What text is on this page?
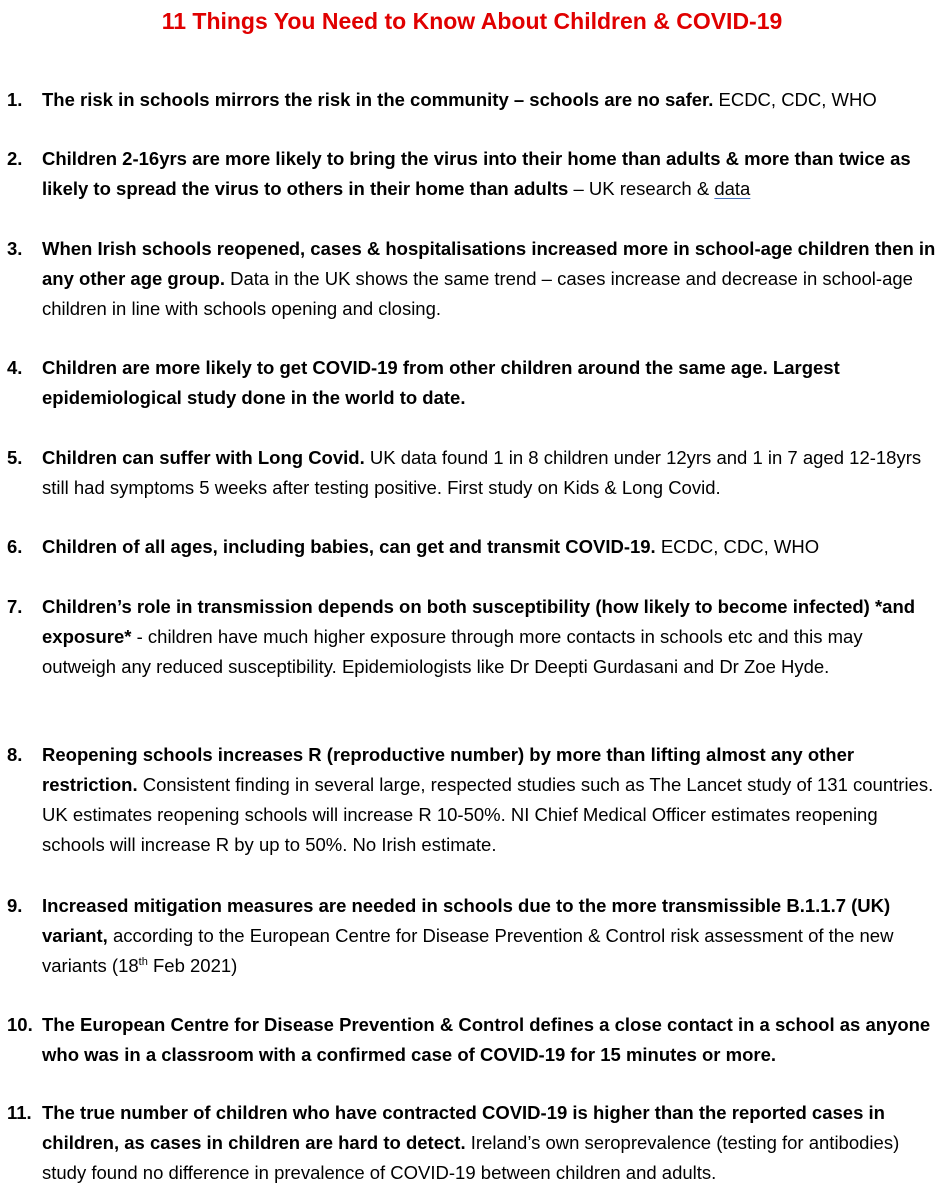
11 Things You Need to Know About Children & COVID-19
1. The risk in schools mirrors the risk in the community – schools are no safer. ECDC, CDC, WHO
2. Children 2-16yrs are more likely to bring the virus into their home than adults & more than twice as likely to spread the virus to others in their home than adults – UK research & data
3. When Irish schools reopened, cases & hospitalisations increased more in school-age children then in any other age group. Data in the UK shows the same trend – cases increase and decrease in school-age children in line with schools opening and closing.
4. Children are more likely to get COVID-19 from other children around the same age. Largest epidemiological study done in the world to date.
5. Children can suffer with Long Covid. UK data found 1 in 8 children under 12yrs and 1 in 7 aged 12-18yrs still had symptoms 5 weeks after testing positive. First study on Kids & Long Covid.
6. Children of all ages, including babies, can get and transmit COVID-19. ECDC, CDC, WHO
7. Children’s role in transmission depends on both susceptibility (how likely to become infected) *and exposure* - children have much higher exposure through more contacts in schools etc and this may outweigh any reduced susceptibility. Epidemiologists like Dr Deepti Gurdasani and Dr Zoe Hyde.
8. Reopening schools increases R (reproductive number) by more than lifting almost any other restriction. Consistent finding in several large, respected studies such as The Lancet study of 131 countries. UK estimates reopening schools will increase R 10-50%. NI Chief Medical Officer estimates reopening schools will increase R by up to 50%. No Irish estimate.
9. Increased mitigation measures are needed in schools due to the more transmissible B.1.1.7 (UK) variant, according to the European Centre for Disease Prevention & Control risk assessment of the new variants (18th Feb 2021)
10. The European Centre for Disease Prevention & Control defines a close contact in a school as anyone who was in a classroom with a confirmed case of COVID-19 for 15 minutes or more.
11. The true number of children who have contracted COVID-19 is higher than the reported cases in children, as cases in children are hard to detect. Ireland’s own seroprevalence (testing for antibodies) study found no difference in prevalence of COVID-19 between children and adults.
